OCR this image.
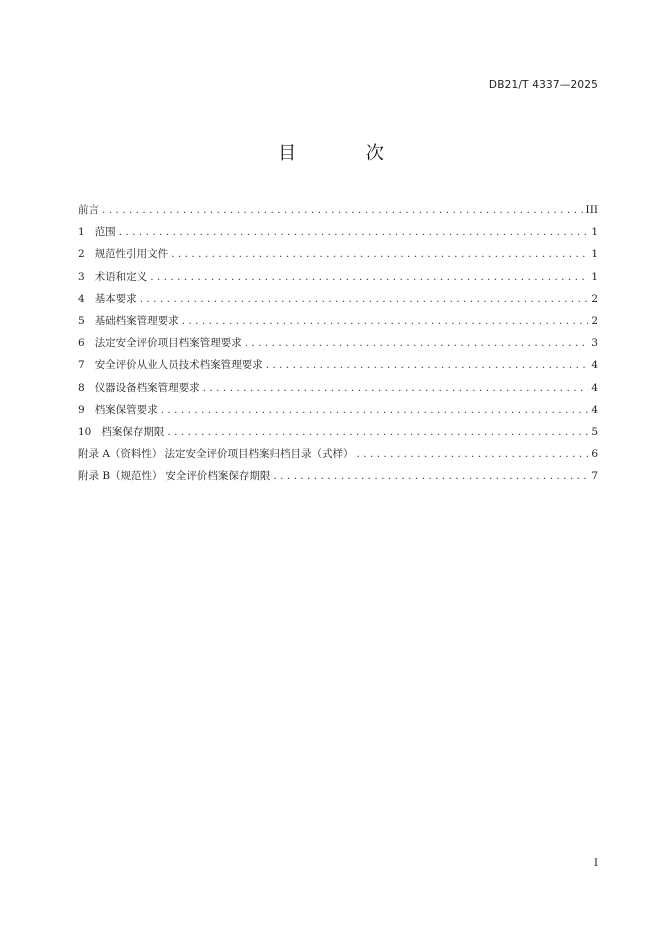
DB21/T 4337—2025
目 次
前言 .....	III
1 范围 .....	1
2 规范性引用文件 .....	1
3 术语和定义 .....	1
4 基本要求 .....	2
5 基础档案管理要求 .....	2
6 法定安全评价项目档案管理要求 .....	3
7 安全评价从业人员技术档案管理要求 .....	4
8 仪器设备档案管理要求 .....	4
9 档案保管要求 .....	4
10 档案保存期限 .....	5
附录 A（资料性） 法定安全评价项目档案归档目录（式样） .....	6
附录 B（规范性） 安全评价档案保存期限 .....	7
I
